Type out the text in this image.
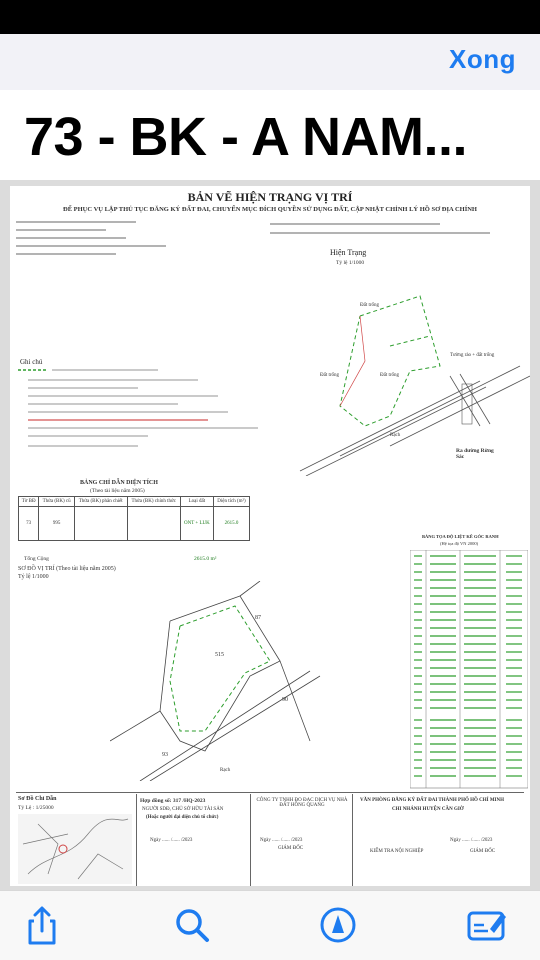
Xong
73 - BK - A NAM...
BẢN VẼ HIỆN TRẠNG VỊ TRÍ
ĐỂ PHỤC VỤ LẬP THỦ TỤC ĐĂNG KÝ ĐẤT ĐAI, CHUYỂN MỤC ĐÍCH QUYỀN SỬ DỤNG ĐẤT, CẬP NHẬT CHỈNH LÝ HỒ SƠ ĐỊA CHÍNH
Hiện Trạng
Tỷ lệ 1/1000
Đất trống
Đất trống
Đất trống
Tường rào + đất trống
Rạch
Ra đường Rừng Sác
Ghi chú
BẢNG CHỈ DẪN DIỆN TÍCH
(Theo tài liệu năm 2005)
Tờ BĐ	Thửa (BK) cũ	Thửa (BK) phân chiết	Thửa (BK) chính thức	Loại đất	Diện tích (m²)
73	995			ONT + LUK	2615.0
Tổng Cộng	2615.0 m²
SƠ ĐỒ VỊ TRÍ (Theo tài liệu năm 2005)
Tỷ lệ 1/1000
515
87
90
93
Rạch
BẢNG TỌA ĐỘ LIỆT KÊ GÓC RANH
(Hệ tọa độ VN 2000)
Sơ Đồ Chỉ Dẫn
Tỷ Lệ : 1/25000
Hợp đồng số: 317 /HQ-2023
NGƯỜI SDĐ, CHỦ SỞ HỮU TÀI SẢN
(Hoặc người đại diện chủ tổ chức)
Ngày ...... /...... /2023
CÔNG TY TNHH ĐO ĐẠC DỊCH VỤ NHÀ ĐẤT HỒNG QUANG
Ngày ...... /...... /2023
GIÁM ĐỐC
VĂN PHÒNG ĐĂNG KÝ ĐẤT ĐAI THÀNH PHỐ HỒ CHÍ MINH
CHI NHÁNH HUYỆN CẦN GIỜ
KIỂM TRA NỘI NGHIỆP
Ngày ...... /...... /2023
GIÁM ĐỐC
